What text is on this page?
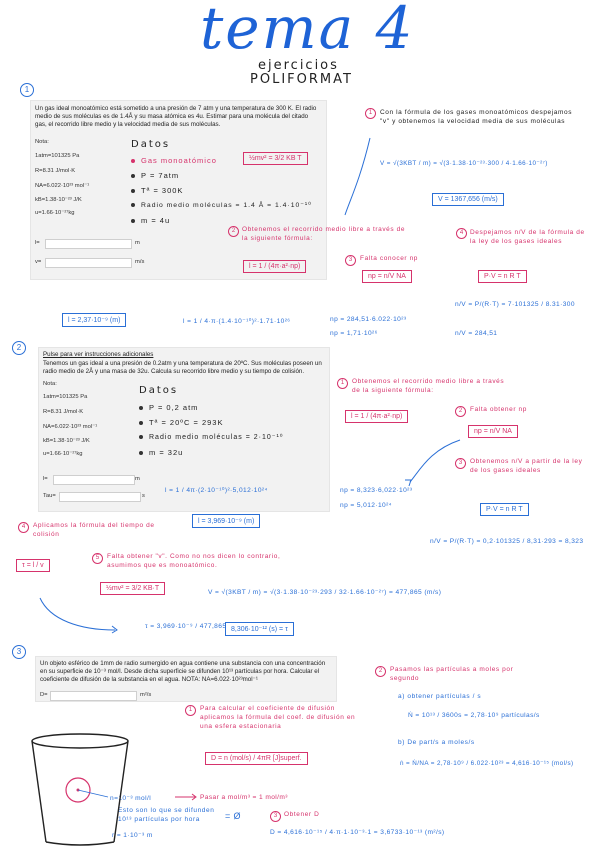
tema 4
ejercicios
POLIFORMAT
1
Un gas ideal monoatómico está sometido a una presión de 7 atm y una temperatura de 300 K. El radio medio de sus moléculas es de 1.4Å y su masa atómica es 4u. Estimar para una molécula del citado gas, el recorrido libre medio y la velocidad media de sus moléculas.
Nota:
1atm=101325 Pa
R=8.31 J/mol·K
NA=6.022·10²³ mol⁻¹
kB=1.38·10⁻²³ J/K
u=1.66·10⁻²⁷kg
l=	m
v=	m/s
Datos
Gas monoatómico
P = 7atm
Tª = 300K
Radio medio moléculas = 1.4 Å = 1.4·10⁻¹⁰
m = 4u
½mv² = 3/2 KB T
1	Con la fórmula de los gases monoatómicos despejamos "v" y obtenemos la velocidad media de sus moléculas
V = √(3KBT / m) = √(3·1.38·10⁻²³·300 / 4·1.66·10⁻²⁷)
V = 1367,656 (m/s)
2	Obtenemos el recorrido medio libre a través de la siguiente fórmula:
l = 1 / (4π·a²·np)
3	Falta conocer np
np = n/V NA
4	Despejamos n/V de la fórmula de la ley de los gases ideales
P·V = n R T
n/V = P/(R·T) = 7·101325 / 8.31·300
n/V = 284,51
np = 284,51·6.022·10²³
np = 1,71·10²⁶
l = 1 / 4·π·(1.4·10⁻¹⁰)²·1.71·10²⁶
l = 2,37·10⁻⁹ (m)
2
Pulse para ver instrucciones adicionales
Tenemos un gas ideal a una presión de 0.2atm y una temperatura de 20ºC. Sus moléculas poseen un radio medio de 2Å y una masa de 32u. Calcula su recorrido libre medio y su tiempo de colisión.
Nota:
1atm=101325 Pa
R=8.31 J/mol·K
NA=6.022·10²³ mol⁻¹
kB=1.38·10⁻²³ J/K
u=1.66·10⁻²⁷kg
l=	m
Tau=	s
Datos
P = 0,2 atm
Tª = 20ºC = 293K
Radio medio moléculas = 2·10⁻¹⁰
m = 32u
1	Obtenemos el recorrido medio libre a través de la siguiente fórmula:
l = 1 / (4π·a²·np)
2	Falta obtener np
np = n/V NA
3	Obtenemos n/V a partir de la ley de los gases ideales
P·V = n R T
l = 1 / 4π·(2·10⁻¹⁰)²·5,012·10²⁴
l = 3,969·10⁻⁹ (m)
np = 8,323·6,022·10²³
np = 5,012·10²⁴
n/V = P/(R·T) = 0,2·101325 / 8,31·293 = 8,323
4	Aplicamos la fórmula del tiempo de colisión
τ = l / v
5	Falta obtener "v". Como no nos dicen lo contrario, asumimos que es monoatómico.
½mv² = 3/2 KB·T
V = √(3KBT / m) = √(3·1.38·10⁻²³·293 / 32·1.66·10⁻²⁷) = 477,865 (m/s)
τ = 3,969·10⁻⁹ / 477,865 8,306·10⁻¹² (s) = τ
3
Un objeto esférico de 1mm de radio sumergido en agua contiene una substancia con una concentración en su superficie de 10⁻³ mol/l. Desde dicha superficie se difunden 10¹³ partículas por hora. Calcular el coeficiente de difusión de la substancia en el agua. NOTA: NA=6.022·10²³mol⁻¹
D=	m²/s
1	Para calcular el coeficiente de difusión aplicamos la fórmula del coef. de difusión en una esfera estacionaria
D = n (mol/s) / 4πR [J]superf.
2	Pasamos las partículas a moles por segundo
a) obtener partículas / s
Ṅ = 10¹³ / 3600s = 2,78·10⁹ partículas/s
b) De part/s a moles/s
ṅ = Ṅ/NA = 2,78·10⁹ / 6.022·10²³ = 4,616·10⁻¹⁵ (mol/s)
n=10⁻³ mol/l	Pasar a mol/m³ = 1 mol/m³
Esto son lo que se difunden 10¹³ partículas por hora	= Ø	3	Obtener D
r = 1·10⁻³ m	D = 4,616·10⁻¹⁵ / 4·π·1·10⁻³·1 = 3,6733·10⁻¹³ (m²/s)
